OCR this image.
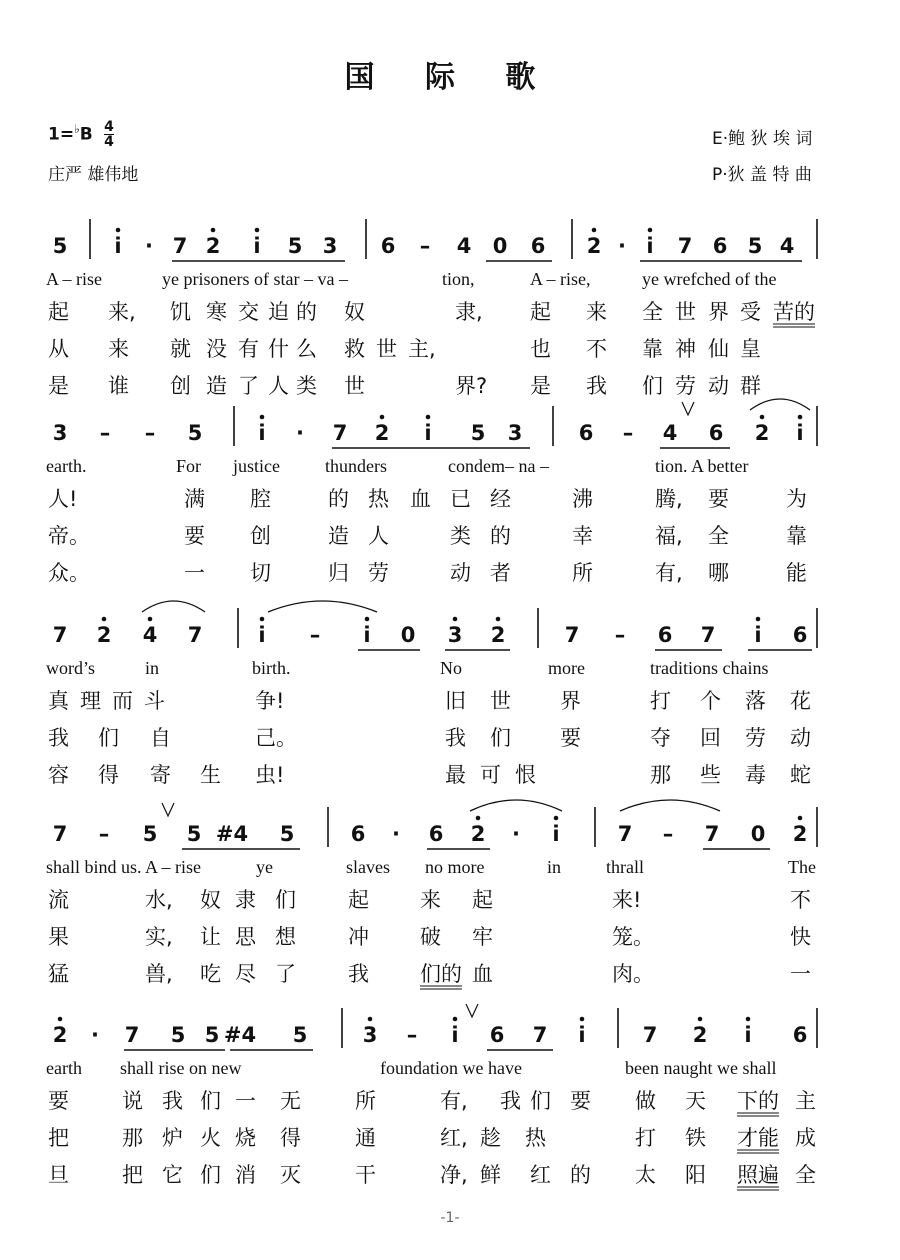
国 际 歌
$1=^♭B \frac{4}{4}$
庄严 雄伟地
E·鲍 狄 埃 词
P·狄 盖 特 曲
5 i · 7 2 i 5 3 6 – 4 0 6 2 · i 7 6 5 4
A – rise	ye prisoners of star – va –	tion,	A – rise,	ye wrefched of the
起 来, 饥 寒 交 迫 的 奴	隶, 起 来 全 世 界 受 苦的
从 来 就 没 有 什 么 救 世 主,	也 不 靠 神 仙 皇
是 谁 创 造 了 人 类 世	界? 是 我 们 劳 动 群
3 – – 5	i · 7 2 i 5 3	6 – 4 6 2 i
earth.	For justice	thunders	condem– na –	tion. A better
人!	满 腔	的 热 血 已 经	沸	腾, 要	为
帝。	要 创	造 人	类 的	幸	福, 全	靠
众。	一 切	归 劳	动 者	所	有, 哪	能
7 2 4 7	i – i 0 3 2	7 – 6 7 i 6
word’s	in	birth.	No	more	traditions chains
真 理 而 斗	争!	旧 世 界	打 个 落 花
我 们 自	己。	我 们 要	夺 回 劳 动
容 得 寄 生 虫!	最 可 恨	那 些 毒 蛇
7 – 5 5 #4 5	6 · 6 2 · i	7 – 7 0 2
shall bind us. A – rise	ye	slaves no more	in thrall	The
流	水, 奴 隶 们 起 来 起	来!	不
果	实, 让 思 想 冲 破 牢	笼。	快
猛	兽, 吃 尽 了 我 们的 血	肉。	一
2 · 7 5 5 #4 5	3 – i 6 7 i	7 2 i 6
earth shall rise on new	foundation we have	been naught we shall
要	说 我 们 一 无	所	有, 我 们 要 做 天 下的 主
把	那 炉 火 烧 得	通	红, 趁 热	打 铁 才能 成
旦	把 它 们 消 灭	干	净, 鲜 红 的 太 阳 照遍 全
-1-
